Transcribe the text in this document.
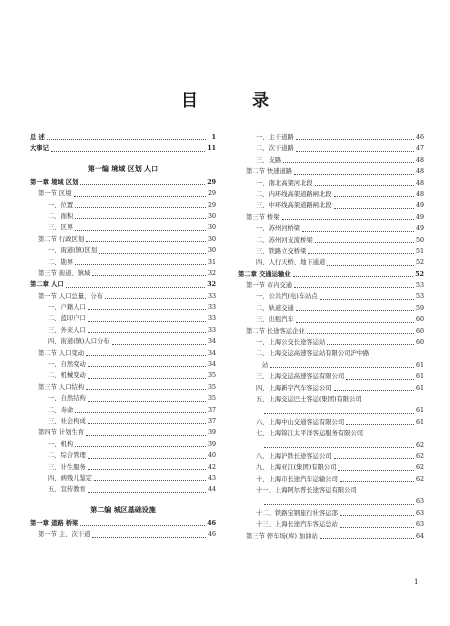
目 录
总 述	1
大事记	11
第一编 境域 区划 人口
第一章 境域 区划	29
第一节 区境	29
一、位置	29
二、面积	30
三、区界	30
第二节 行政区划	30
一、街道(镇)区划	30
二、勘界	31
第三节 街道、镇域	32
第二章 人口	32
第一节 人口总量、分布	33
一、户籍人口	33
二、蓝印户口	33
三、外来人口	33
四、街道(镇)人口分布	34
第二节 人口变动	34
一、自然变动	34
二、机械变动	35
第三节 人口结构	35
一、自然结构	35
二、寿命	37
三、社会构成	37
第四节 计划生育	39
一、机构	39
二、综合管理	40
三、计生服务	42
四、病残儿鉴定	43
五、宣传教育	44
第二编 城区基础设施
第一章 道路 桥梁	46
第一节 主、次干道	46
一、主干道路	46
二、次干道路	47
三、支路	48
第二节 快速道路	48
一、南北高架河北段	48
二、内环线高架道路闸北段	48
三、中环线高架道路闸北段	49
第三节 桥梁	49
一、苏州河桥梁	49
二、苏州河支流桥梁	50
三、铁路立交桥梁	51
四、人行天桥、地下通道	52
第二章 交通运输业	52
第一节 市内交通	53
一、公共汽(电)车站点	53
二、轨道交通	59
三、出租汽车	60
第二节 长途客运企业	60
一、上海公交长途客运站	60
二、上海交运高速客运站有限公司沪中路
站	61
三、上海交运高速客运有限公司	61
四、上海新宇汽车客运公司	61
五、上海交运巴士客运(集团)有限公司
61
六、上海中山交通客运有限公司	61
七、上海锦江太平洋客运服务有限公司
62
八、上海沪铁长途客运公司	62
九、上海亚江(集团)有限公司	62
十、上海市长途汽车运输公司	62
十一、上海阿尔普长途客运有限公司
63
十二、铁路宝钢旅行社客运部	63
十三、上海长途汽车客运总站	63
第三节 停车场(库) 加油站	64
1
